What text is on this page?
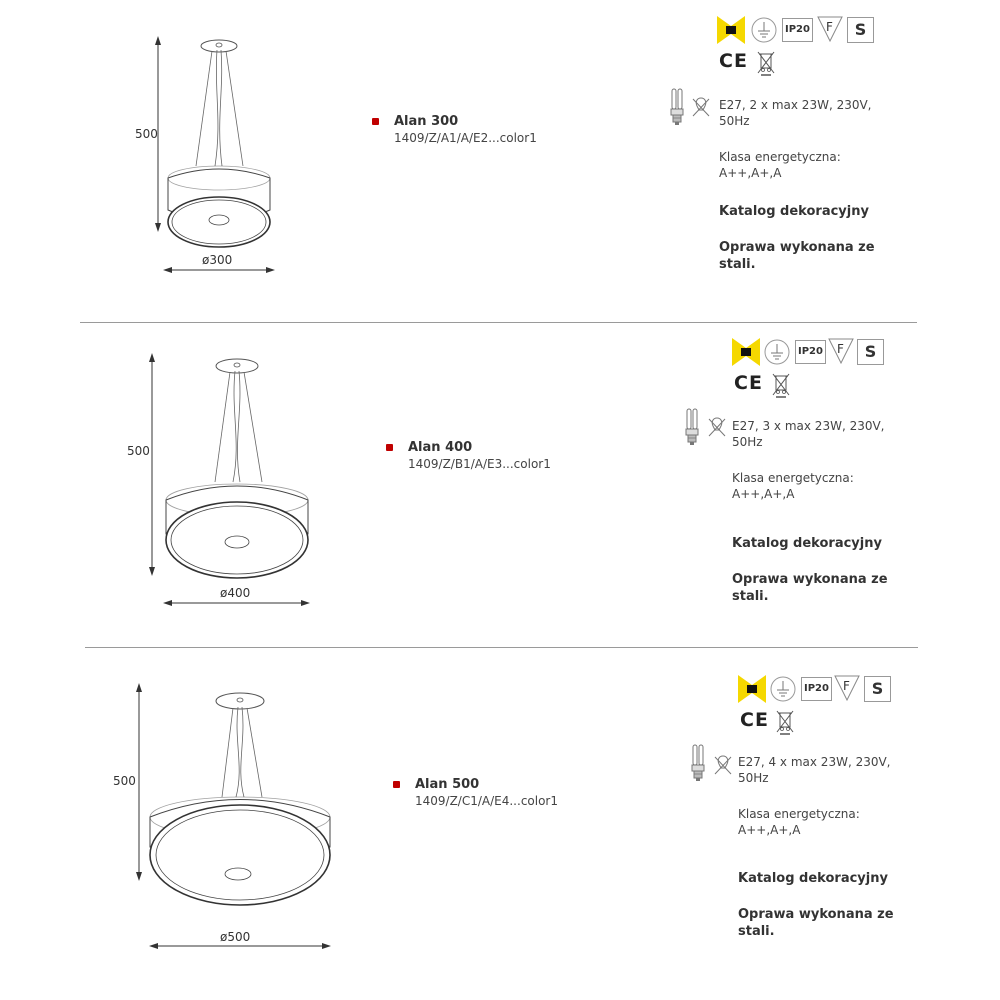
500
ø300
Alan 300
1409/Z/A1/A/E2...color1
IP20 F	S
CE
E27, 2 x max 23W, 230V,
50Hz
Klasa energetyczna:
A++,A+,A
Katalog dekoracyjny
Oprawa wykonana ze
stali.
500
ø400
Alan 400
1409/Z/B1/A/E3...color1
IP20 F	S
CE
E27, 3 x max 23W, 230V,
50Hz
Klasa energetyczna:
A++,A+,A
Katalog dekoracyjny
Oprawa wykonana ze
stali.
500
ø500
Alan 500
1409/Z/C1/A/E4...color1
IP20 F	S
CE
E27, 4 x max 23W, 230V,
50Hz
Klasa energetyczna:
A++,A+,A
Katalog dekoracyjny
Oprawa wykonana ze
stali.
